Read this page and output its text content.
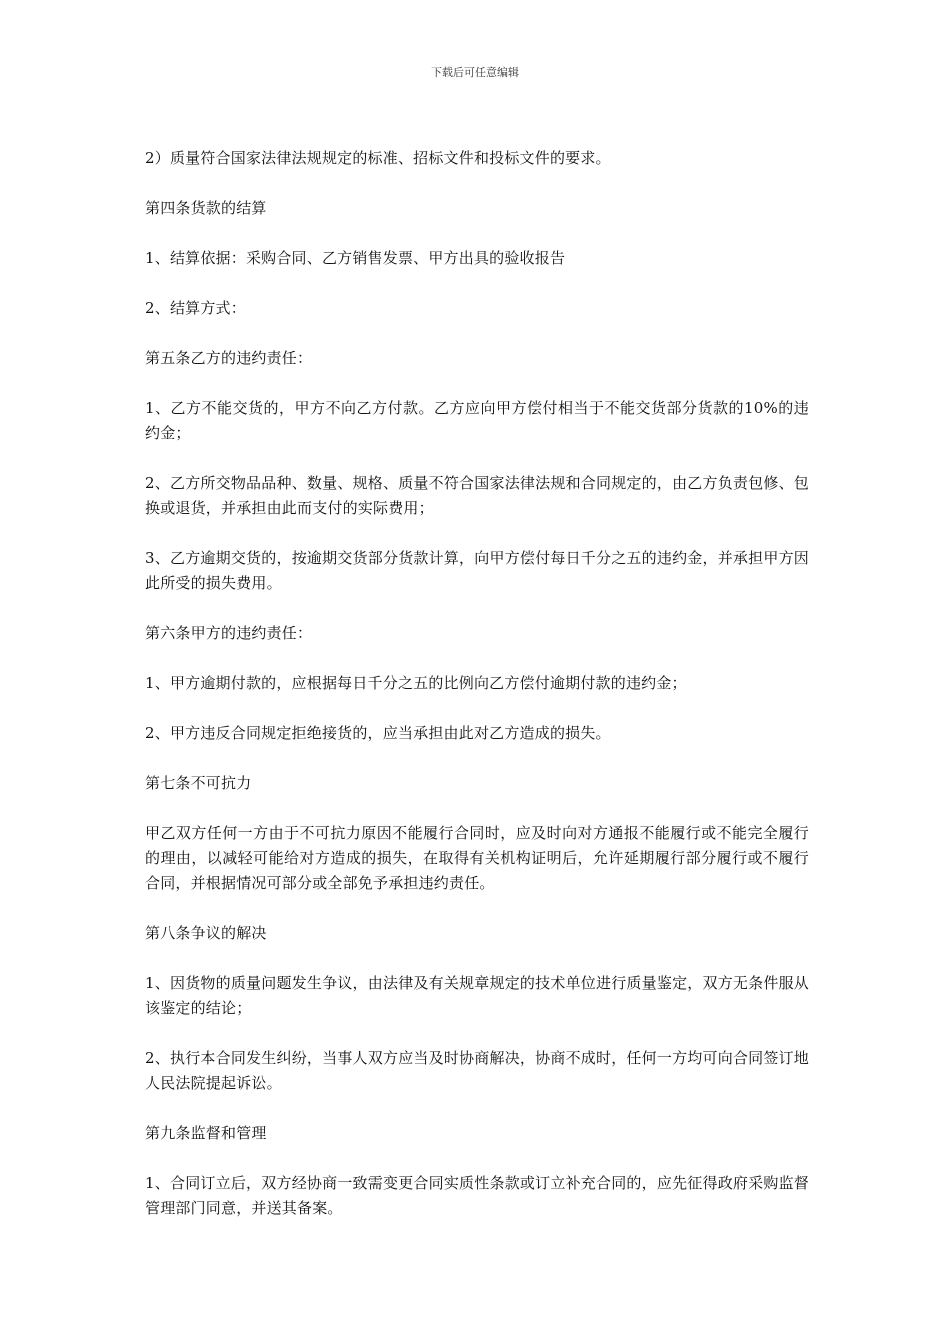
下载后可任意编辑

2）质量符合国家法律法规规定的标准、招标文件和投标文件的要求。

第四条货款的结算

1、结算依据：采购合同、乙方销售发票、甲方出具的验收报告

2、结算方式：

第五条乙方的违约责任：

1、乙方不能交货的，甲方不向乙方付款。乙方应向甲方偿付相当于不能交货部分货款的10%的违约金；

2、乙方所交物品品种、数量、规格、质量不符合国家法律法规和合同规定的，由乙方负责包修、包换或退货，并承担由此而支付的实际费用；

3、乙方逾期交货的，按逾期交货部分货款计算，向甲方偿付每日千分之五的违约金，并承担甲方因此所受的损失费用。

第六条甲方的违约责任：

1、甲方逾期付款的，应根据每日千分之五的比例向乙方偿付逾期付款的违约金；

2、甲方违反合同规定拒绝接货的，应当承担由此对乙方造成的损失。

第七条不可抗力

甲乙双方任何一方由于不可抗力原因不能履行合同时，应及时向对方通报不能履行或不能完全履行的理由，以减轻可能给对方造成的损失，在取得有关机构证明后，允许延期履行部分履行或不履行合同，并根据情况可部分或全部免予承担违约责任。

第八条争议的解决

1、因货物的质量问题发生争议，由法律及有关规章规定的技术单位进行质量鉴定，双方无条件服从该鉴定的结论；

2、执行本合同发生纠纷，当事人双方应当及时协商解决，协商不成时，任何一方均可向合同签订地人民法院提起诉讼。

第九条监督和管理

1、合同订立后，双方经协商一致需变更合同实质性条款或订立补充合同的，应先征得政府采购监督管理部门同意，并送其备案。
